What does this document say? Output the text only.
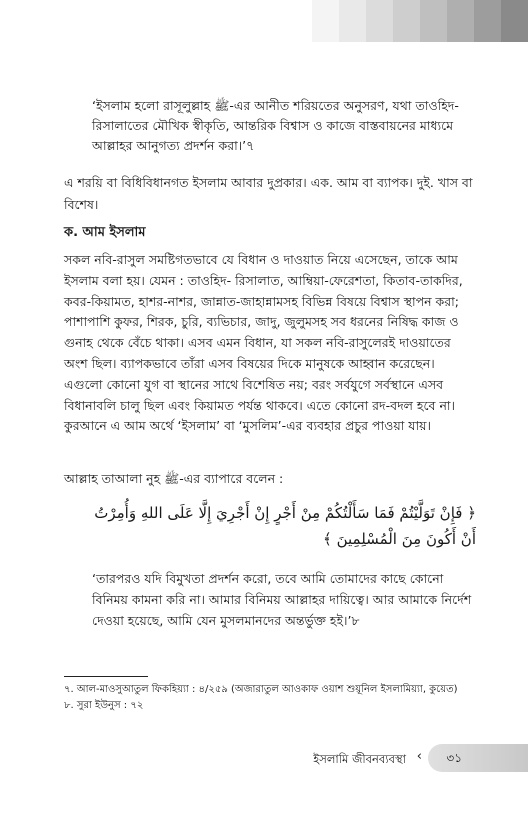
‘ইসলাম হলো রাসূলুল্লাহ ﷺ-এর আনীত শরিয়তের অনুসরণ, যথা তাওহিদ-রিসালাতের মৌখিক স্বীকৃতি, আন্তরিক বিশ্বাস ও কাজে বাস্তবায়নের মাধ্যমে আল্লাহর আনুগত্য প্রদর্শন করা।’৭
এ শরয়ি বা বিধিবিধানগত ইসলাম আবার দুপ্রকার। এক. আম বা ব্যাপক। দুই. খাস বা বিশেষ।
ক. আম ইসলাম
সকল নবি-রাসুল সমষ্টিগতভাবে যে বিধান ও দাওয়াত নিয়ে এসেছেন, তাকে আম ইসলাম বলা হয়। যেমন : তাওহিদ- রিসালাত, আম্বিয়া-ফেরেশতা, কিতাব-তাকদির, কবর-কিয়ামত, হাশর-নাশর, জান্নাত-জাহান্নামসহ বিভিন্ন বিষয়ে বিশ্বাস স্থাপন করা; পাশাপাশি কুফর, শিরক, চুরি, ব্যভিচার, জাদু, জুলুমসহ সব ধরনের নিষিদ্ধ কাজ ও গুনাহ থেকে বেঁচে থাকা। এসব এমন বিধান, যা সকল নবি-রাসুলেরই দাওয়াতের অংশ ছিল। ব্যাপকভাবে তাঁরা এসব বিষয়ের দিকে মানুষকে আহ্বান করেছেন। এগুলো কোনো যুগ বা স্থানের সাথে বিশেষিত নয়; বরং সর্বযুগে সর্বস্থানে এসব বিধানাবলি চালু ছিল এবং কিয়ামত পর্যন্ত থাকবে। এতে কোনো রদ-বদল হবে না। কুরআনে এ আম অর্থে ‘ইসলাম’ বা ‘মুসলিম’-এর ব্যবহার প্রচুর পাওয়া যায়।
আল্লাহ তাআলা নুহ ﷺ-এর ব্যাপারে বলেন :
﴿ فَإِنْ تَوَلَّيْتُمْ فَمَا سَأَلْتُكُمْ مِنْ أَجْرٍ إِنْ أَجْرِيَ إِلَّا عَلَى اللهِ وَأُمِرْتُ أَنْ أَكُونَ مِنَ الْمُسْلِمِينَ ﴾
‘তারপরও যদি বিমুখতা প্রদর্শন করো, তবে আমি তোমাদের কাছে কোনো বিনিময় কামনা করি না। আমার বিনিময় আল্লাহর দায়িত্বে। আর আমাকে নির্দেশ দেওয়া হয়েছে, আমি যেন মুসলমানদের অন্তর্ভুক্ত হই।’৮
৭. আল-মাওসুআতুল ফিকহিয়্যা : ৪/২৫৯ (অজারাতুল আওকাফ ওয়াশ শুয়ূনিল ইসলামিয়্যা, কুয়েত)
৮. সুরা ইউনুস : ৭২
ইসলামি জীবনব্যবস্থা ‹ ৩১
